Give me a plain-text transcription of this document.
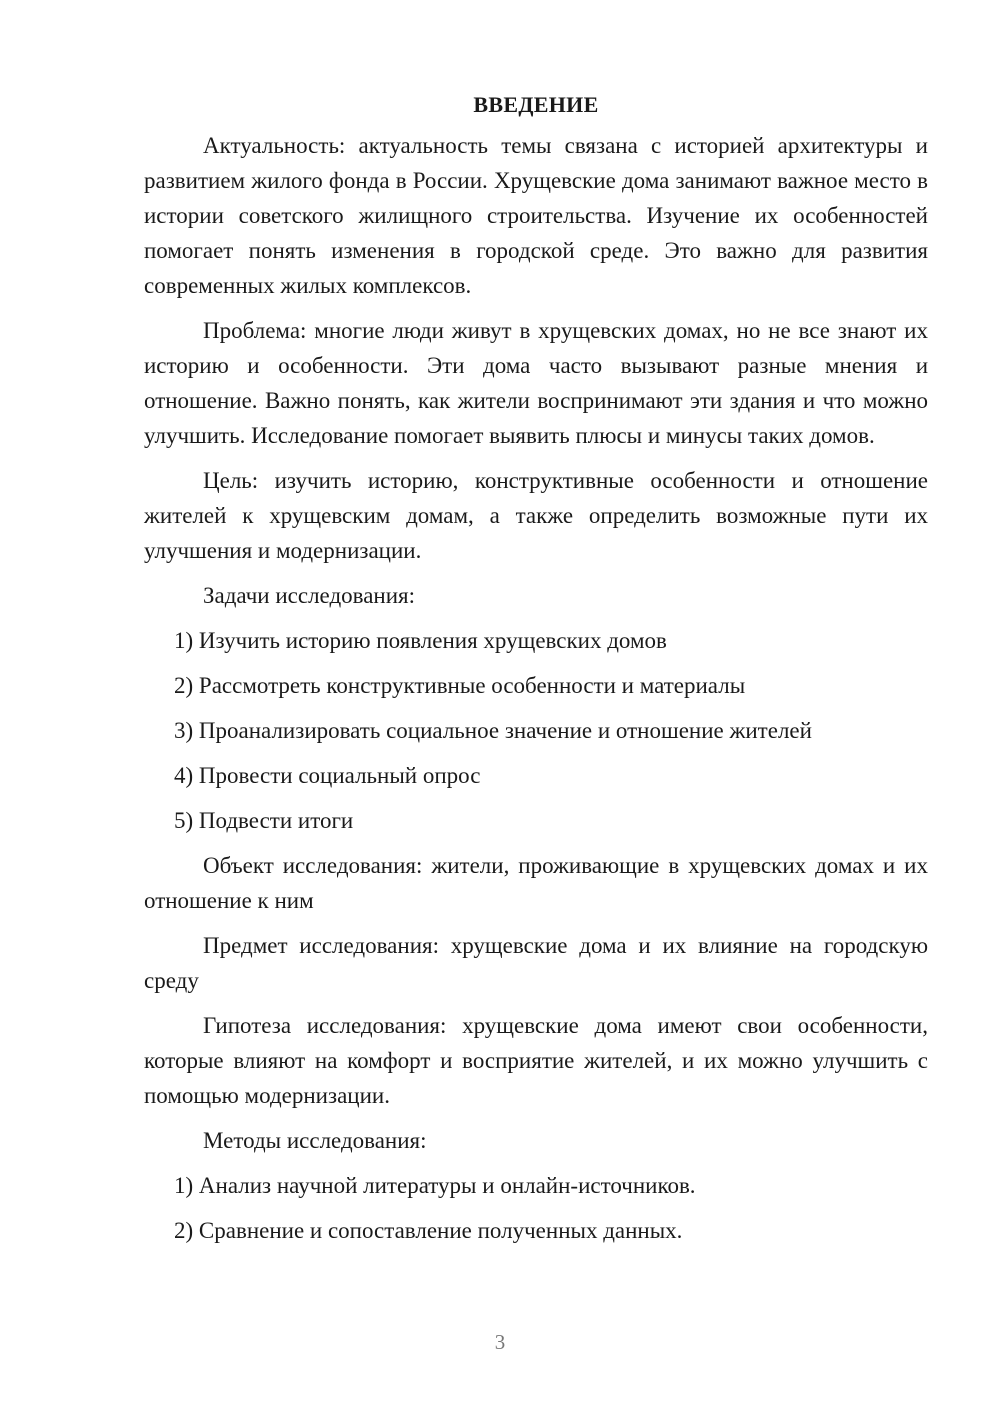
ВВЕДЕНИЕ

Актуальность: актуальность темы связана с историей архитектуры и развитием жилого фонда в России. Хрущевские дома занимают важное место в истории советского жилищного строительства. Изучение их особенностей помогает понять изменения в городской среде. Это важно для развития современных жилых комплексов.

Проблема: многие люди живут в хрущевских домах, но не все знают их историю и особенности. Эти дома часто вызывают разные мнения и отношение. Важно понять, как жители воспринимают эти здания и что можно улучшить. Исследование помогает выявить плюсы и минусы таких домов.

Цель: изучить историю, конструктивные особенности и отношение жителей к хрущевским домам, а также определить возможные пути их улучшения и модернизации.

Задачи исследования:

1) Изучить историю появления хрущевских домов

2) Рассмотреть конструктивные особенности и материалы

3) Проанализировать социальное значение и отношение жителей

4) Провести социальный опрос

5) Подвести итоги

Объект исследования: жители, проживающие в хрущевских домах и их отношение к ним

Предмет исследования: хрущевские дома и их влияние на городскую среду

Гипотеза исследования: хрущевские дома имеют свои особенности, которые влияют на комфорт и восприятие жителей, и их можно улучшить с помощью модернизации.

Методы исследования:

1) Анализ научной литературы и онлайн-источников.

2) Сравнение и сопоставление полученных данных.

3
